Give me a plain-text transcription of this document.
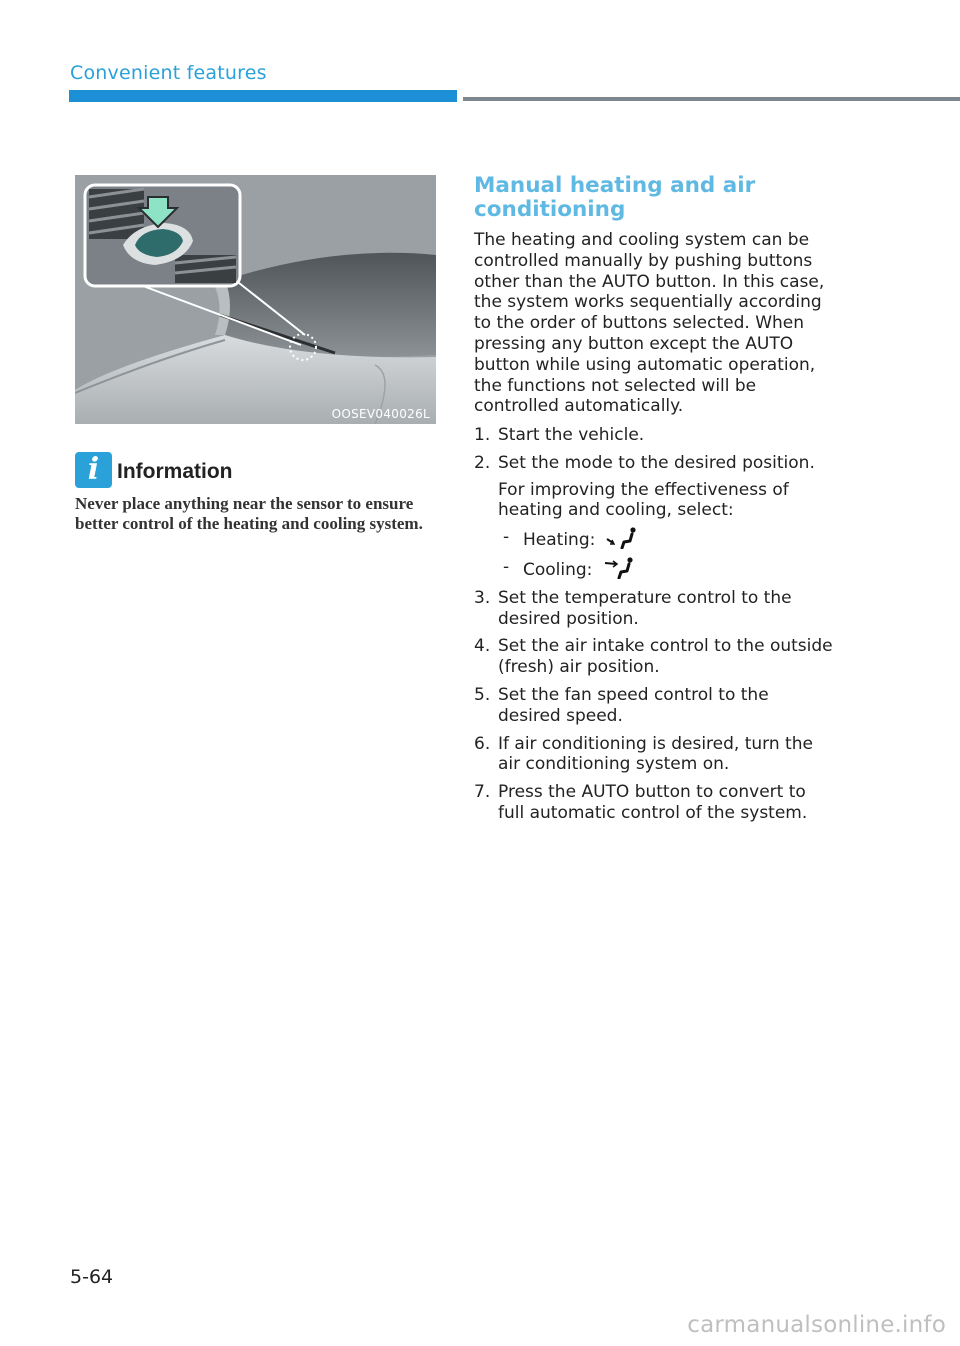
Convenient features
OOSEV040026L
i Information
Never place anything near the sensor to ensure better control of the heating and cooling system.
Manual heating and air conditioning
The heating and cooling system can be controlled manually by pushing buttons other than the AUTO button. In this case, the system works sequentially according to the order of buttons selected. When pressing any button except the AUTO button while using automatic operation, the functions not selected will be controlled automatically.
1. Start the vehicle.
2. Set the mode to the desired position.
For improving the effectiveness of heating and cooling, select:
- Heating:
- Cooling:
3. Set the temperature control to the desired position.
4. Set the air intake control to the outside (fresh) air position.
5. Set the fan speed control to the desired speed.
6. If air conditioning is desired, turn the air conditioning system on.
7. Press the AUTO button to convert to full automatic control of the system.
5-64
carmanualsonline.info
